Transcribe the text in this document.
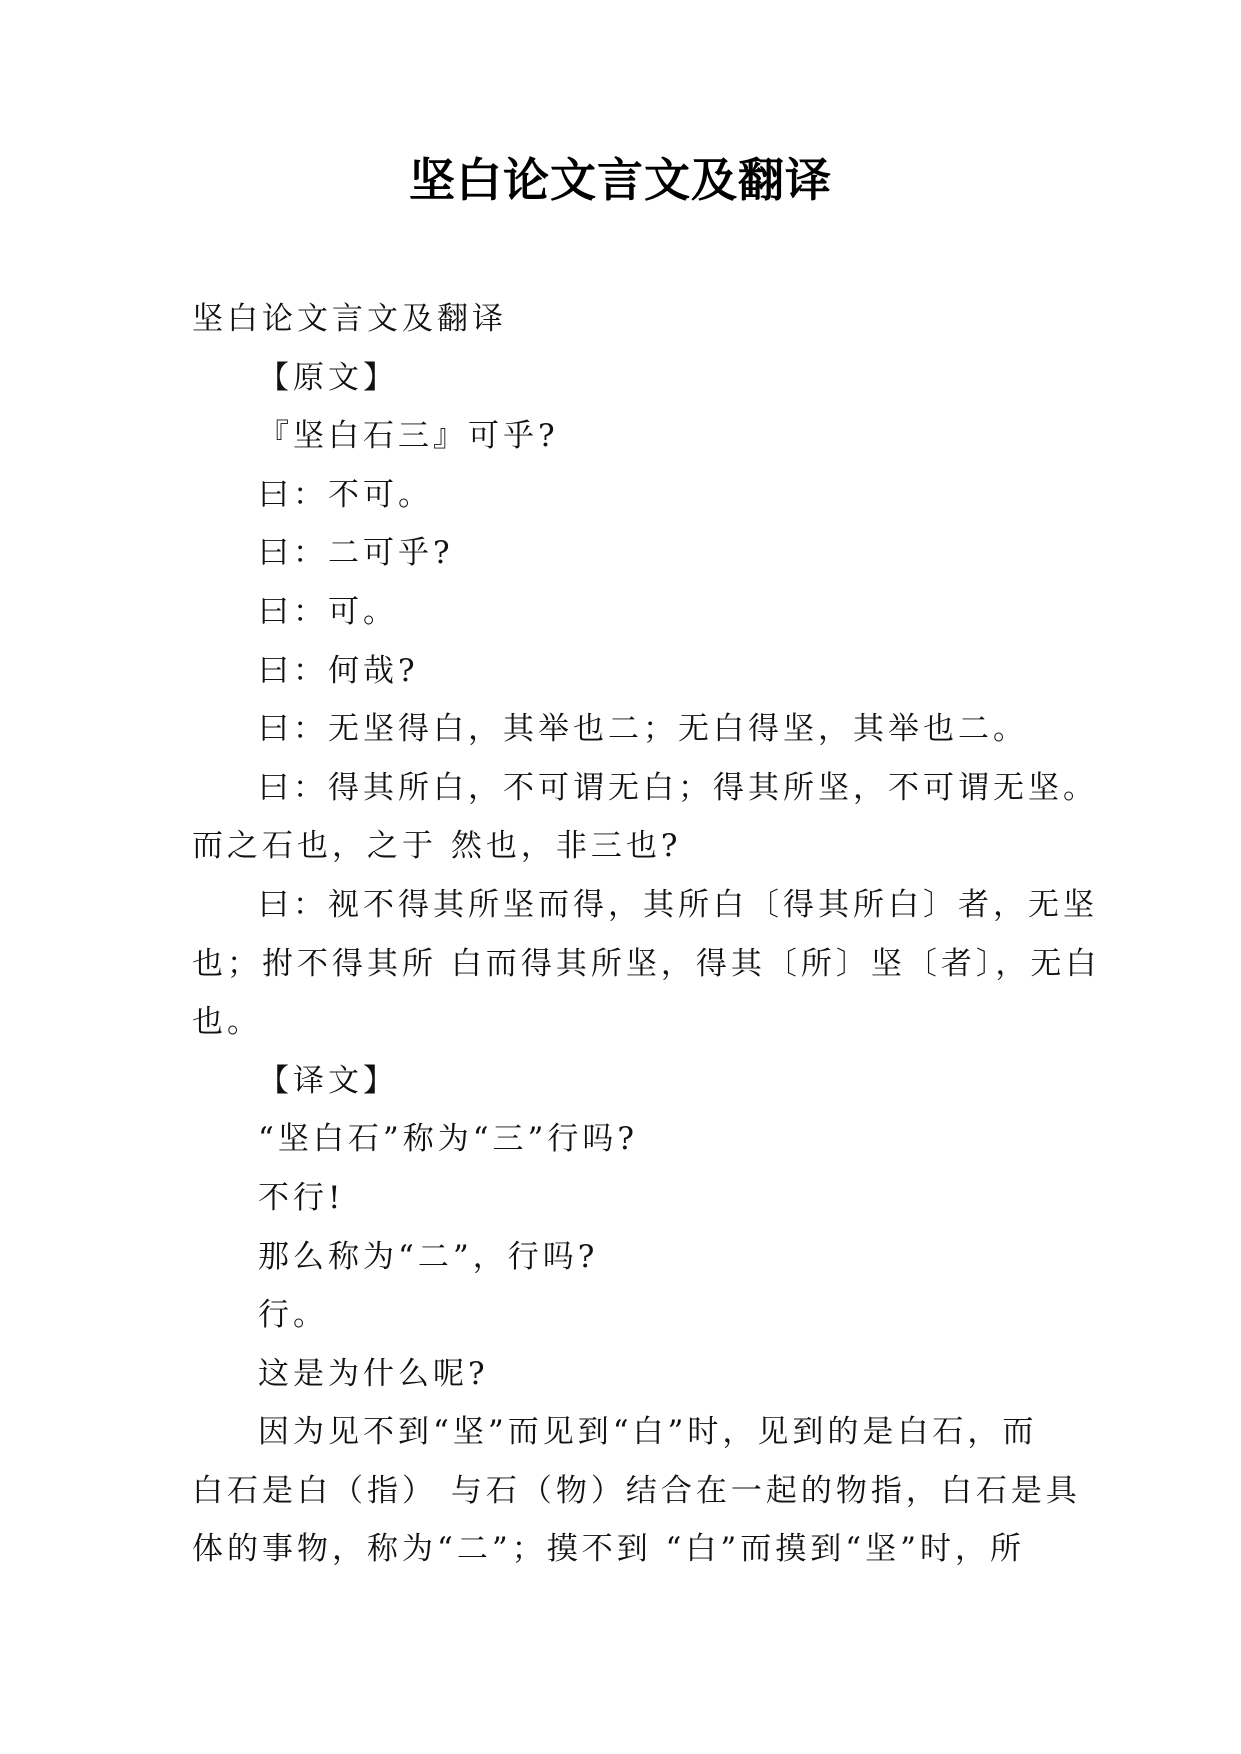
坚白论文言文及翻译
坚白论文言文及翻译
【原文】
『坚白石三』可乎?
曰：不可。
曰：二可乎?
曰：可。
曰：何哉?
曰：无坚得白，其举也二；无白得坚，其举也二。
曰：得其所白，不可谓无白；得其所坚，不可谓无坚。
而之石也，之于 然也，非三也?
曰：视不得其所坚而得，其所白〔得其所白〕者，无坚
也；拊不得其所 白而得其所坚，得其〔所〕坚〔者〕，无白
也。
【译文】
“坚白石”称为“三”行吗?
不行!
那么称为“二”，行吗?
行。
这是为什么呢?
因为见不到“坚”而见到“白”时，见到的是白石，而
白石是白（指） 与石（物）结合在一起的物指，白石是具
体的事物，称为“二”；摸不到 “白”而摸到“坚”时，所
